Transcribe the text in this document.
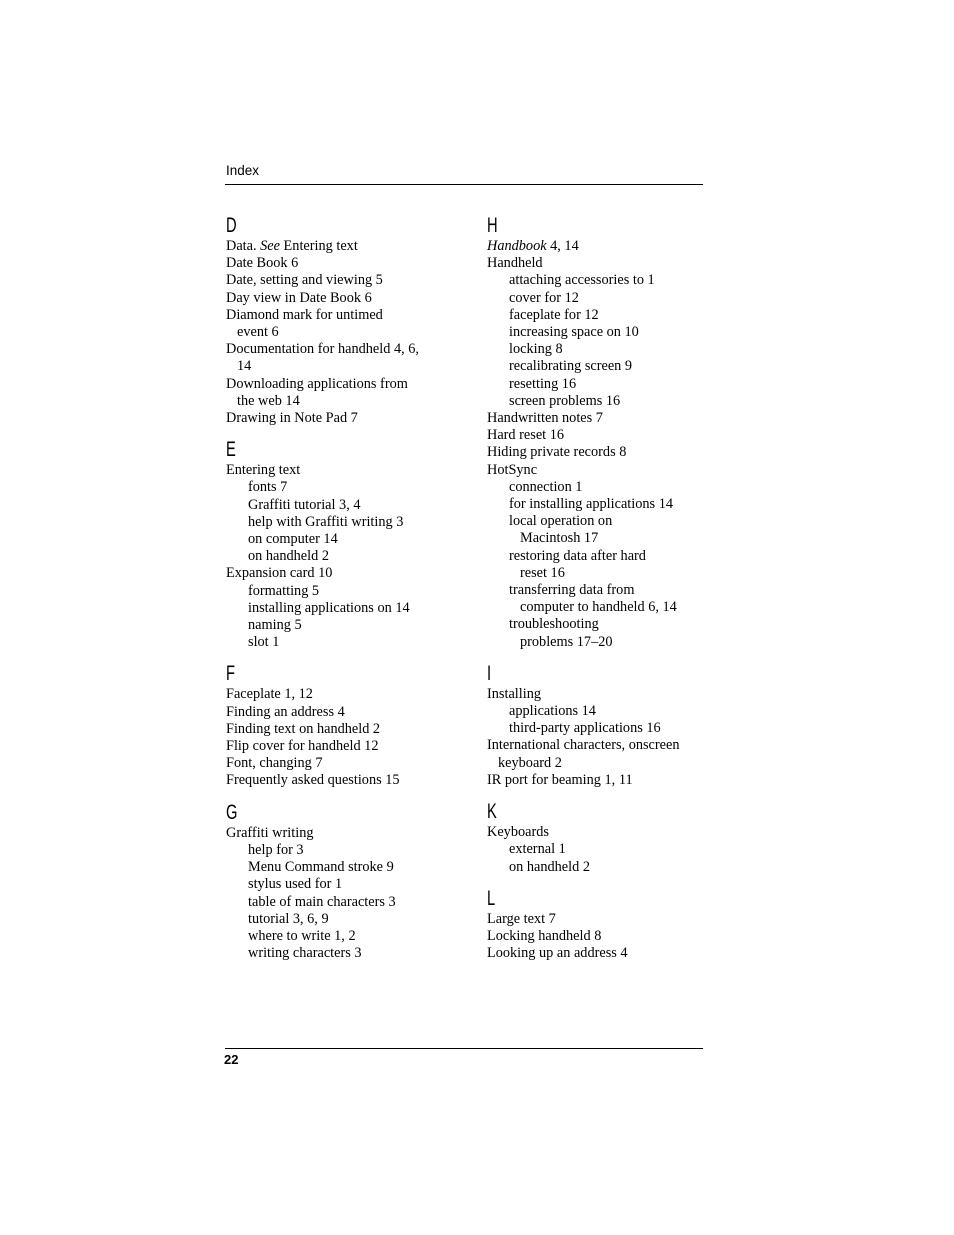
Index
D
Data. See Entering text
Date Book 6
Date, setting and viewing 5
Day view in Date Book 6
Diamond mark for untimed
event 6
Documentation for handheld 4, 6,
14
Downloading applications from
the web 14
Drawing in Note Pad 7
E
Entering text
fonts 7
Graffiti tutorial 3, 4
help with Graffiti writing 3
on computer 14
on handheld 2
Expansion card 10
formatting 5
installing applications on 14
naming 5
slot 1
F
Faceplate 1, 12
Finding an address 4
Finding text on handheld 2
Flip cover for handheld 12
Font, changing 7
Frequently asked questions 15
G
Graffiti writing
help for 3
Menu Command stroke 9
stylus used for 1
table of main characters 3
tutorial 3, 6, 9
where to write 1, 2
writing characters 3
H
Handbook 4, 14
Handheld
attaching accessories to 1
cover for 12
faceplate for 12
increasing space on 10
locking 8
recalibrating screen 9
resetting 16
screen problems 16
Handwritten notes 7
Hard reset 16
Hiding private records 8
HotSync
connection 1
for installing applications 14
local operation on
Macintosh 17
restoring data after hard
reset 16
transferring data from
computer to handheld 6, 14
troubleshooting
problems 17–20
I
Installing
applications 14
third-party applications 16
International characters, onscreen
keyboard 2
IR port for beaming 1, 11
K
Keyboards
external 1
on handheld 2
L
Large text 7
Locking handheld 8
Looking up an address 4
22
